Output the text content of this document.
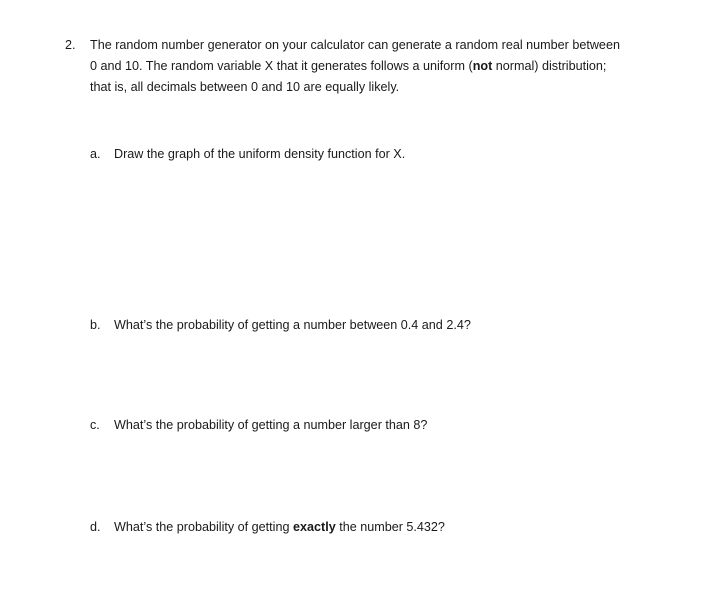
2. The random number generator on your calculator can generate a random real number between
0 and 10. The random variable X that it generates follows a uniform (not normal) distribution;
that is, all decimals between 0 and 10 are equally likely.
a. Draw the graph of the uniform density function for X.
b. What’s the probability of getting a number between 0.4 and 2.4?
c. What’s the probability of getting a number larger than 8?
d. What’s the probability of getting exactly the number 5.432?
